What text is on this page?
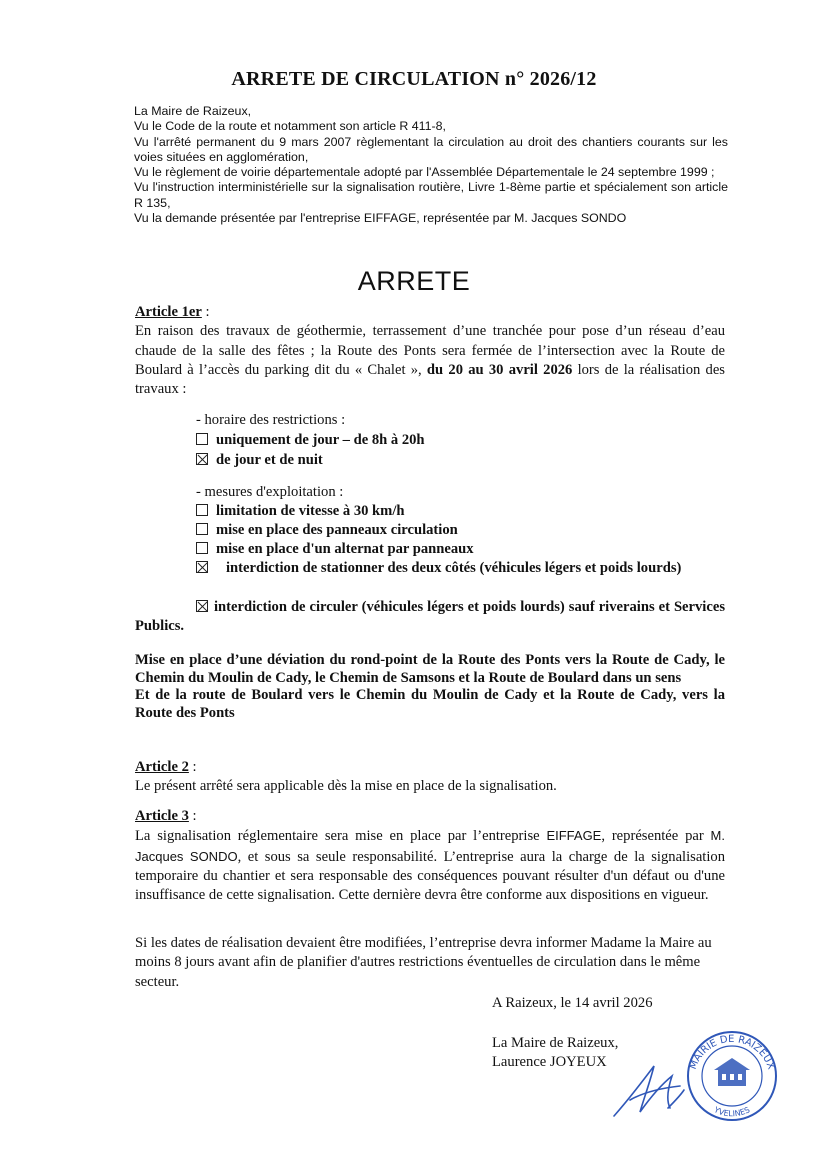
ARRETE DE CIRCULATION n° 2026/12

La Maire de Raizeux,

Vu le Code de la route et notamment son article R 411-8,

Vu l'arrêté permanent du 9 mars 2007 règlementant la circulation au droit des chantiers courants sur les voies situées en agglomération,

Vu le règlement de voirie départementale adopté par l'Assemblée Départementale le 24 septembre 1999 ;

Vu l'instruction interministérielle sur la signalisation routière, Livre 1-8ème partie et spécialement son article R 135,

Vu la demande présentée par l'entreprise EIFFAGE, représentée par M. Jacques SONDO

ARRETE

Article 1er :

En raison des travaux de géothermie, terrassement d’une tranchée pour pose d’un réseau d’eau chaude de la salle des fêtes ; la Route des Ponts sera fermée de l’intersection avec la Route de Boulard à l’accès du parking dit du « Chalet », du 20 au 30 avril 2026 lors de la réalisation des travaux :

- horaire des restrictions :
uniquement de jour – de 8h à 20h
de jour et de nuit
- mesures d'exploitation :
limitation de vitesse à 30 km/h
mise en place des panneaux circulation
mise en place d'un alternat par panneaux
interdiction de stationner des deux côtés (véhicules légers et poids lourds)
interdiction de circuler (véhicules légers et poids lourds) sauf riverains et Services Publics.

Mise en place d’une déviation du rond-point de la Route des Ponts vers la Route de Cady, le Chemin du Moulin de Cady, le Chemin de Samsons et la Route de Boulard dans un sens

Et de la route de Boulard vers le Chemin du Moulin de Cady et la Route de Cady, vers la Route des Ponts

Article 2 :

Le présent arrêté sera applicable dès la mise en place de la signalisation.

Article 3 :

La signalisation réglementaire sera mise en place par l’entreprise EIFFAGE, représentée par M. Jacques SONDO, et sous sa seule responsabilité. L’entreprise aura la charge de la signalisation temporaire du chantier et sera responsable des conséquences pouvant résulter d'un défaut ou d'une insuffisance de cette signalisation. Cette dernière devra être conforme aux dispositions en vigueur.

Si les dates de réalisation devaient être modifiées, l’entreprise devra informer Madame la Maire au moins 8 jours avant afin de planifier d'autres restrictions éventuelles de circulation dans le même secteur.
A Raizeux, le 14 avril 2026
La Maire de Raizeux,
Laurence JOYEUX	MAIRIE DE RAIZEUX
YVELINES
